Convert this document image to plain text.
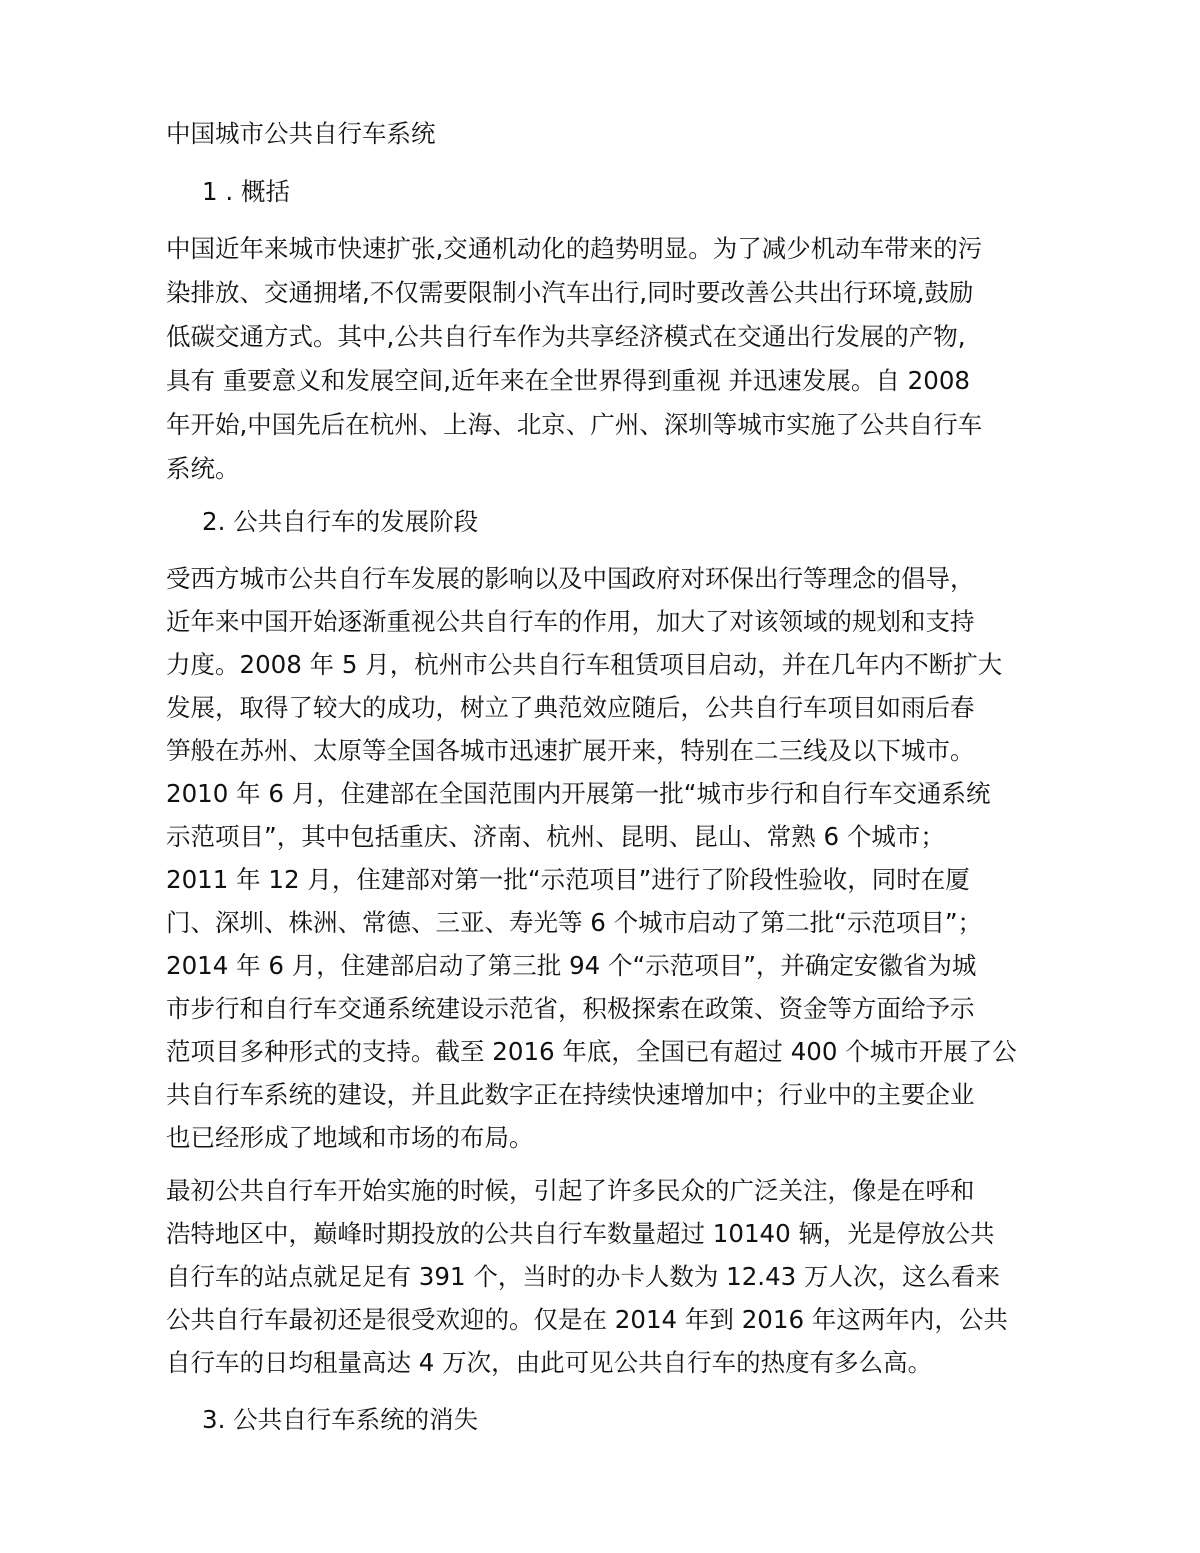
中国城市公共自行车系统
1 . 概括
中国近年来城市快速扩张,交通机动化的趋势明显。为了减少机动车带来的污
染排放、交通拥堵,不仅需要限制小汽车出行,同时要改善公共出行环境,鼓励
低碳交通方式。其中,公共自行车作为共享经济模式在交通出行发展的产物,
具有 重要意义和发展空间,近年来在全世界得到重视 并迅速发展。自 2008
年开始,中国先后在杭州、上海、北京、广州、深圳等城市实施了公共自行车
系统。
2. 公共自行车的发展阶段
受西方城市公共自行车发展的影响以及中国政府对环保出行等理念的倡导，
近年来中国开始逐渐重视公共自行车的作用，加大了对该领域的规划和支持
力度。2008 年 5 月，杭州市公共自行车租赁项目启动，并在几年内不断扩大
发展，取得了较大的成功，树立了典范效应随后，公共自行车项目如雨后春
笋般在苏州、太原等全国各城市迅速扩展开来，特别在二三线及以下城市。
2010 年 6 月，住建部在全国范围内开展第一批“城市步行和自行车交通系统
示范项目”，其中包括重庆、济南、杭州、昆明、昆山、常熟 6 个城市；
2011 年 12 月，住建部对第一批“示范项目”进行了阶段性验收，同时在厦
门、深圳、株洲、常德、三亚、寿光等 6 个城市启动了第二批“示范项目”；
2014 年 6 月，住建部启动了第三批 94 个“示范项目”，并确定安徽省为城
市步行和自行车交通系统建设示范省，积极探索在政策、资金等方面给予示
范项目多种形式的支持。截至 2016 年底，全国已有超过 400 个城市开展了公
共自行车系统的建设，并且此数字正在持续快速增加中；行业中的主要企业
也已经形成了地域和市场的布局。
最初公共自行车开始实施的时候，引起了许多民众的广泛关注，像是在呼和
浩特地区中，巅峰时期投放的公共自行车数量超过 10140 辆，光是停放公共
自行车的站点就足足有 391 个，当时的办卡人数为 12.43 万人次，这么看来
公共自行车最初还是很受欢迎的。仅是在 2014 年到 2016 年这两年内，公共
自行车的日均租量高达 4 万次，由此可见公共自行车的热度有多么高。
3. 公共自行车系统的消失
